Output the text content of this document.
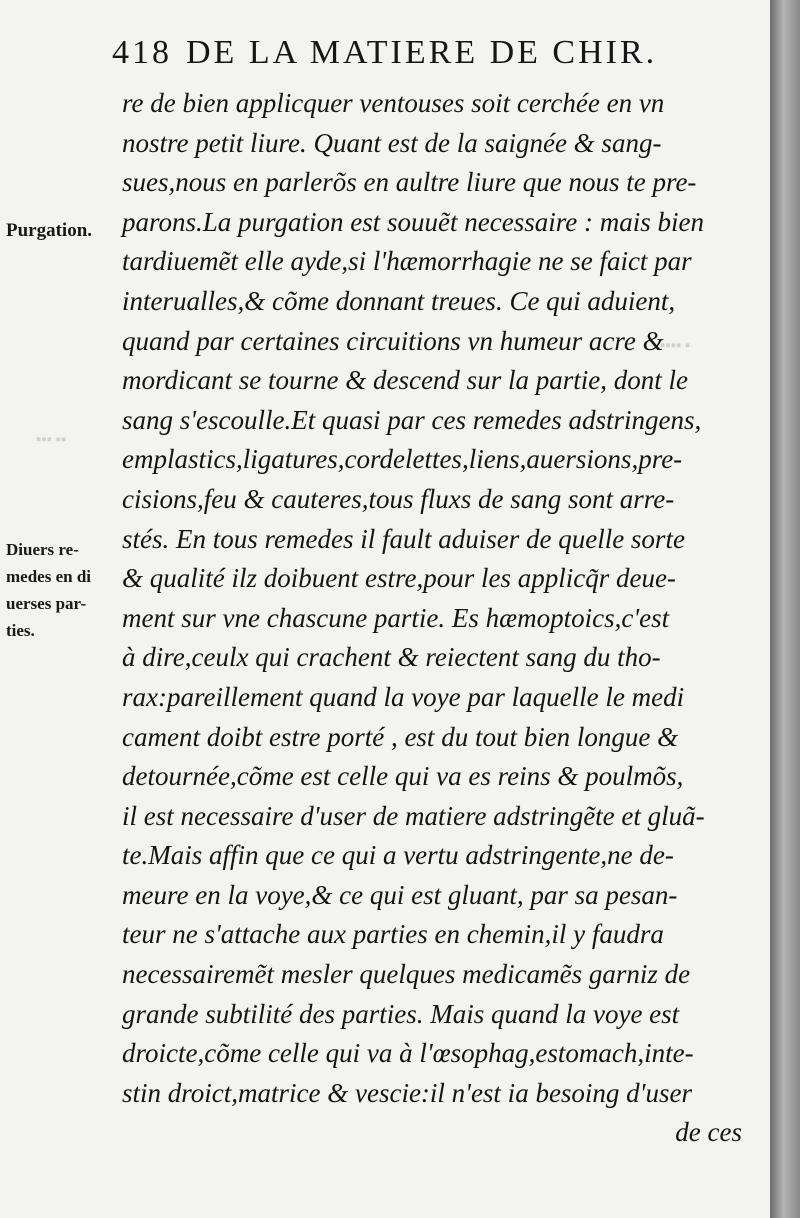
418 DE LA MATIERE DE CHIR.
▪▪▪ ▪▪
▪▪▪▪ ▪
Purgation.
Diuers re-
medes en di
uerses par-
ties.
re de bien applicquer ventouses soit cerchée en vn
nostre petit liure. Quant est de la saignée & sang-
sues,nous en parlerõs en aultre liure que nous te pre-
parons.La purgation est souuẽt necessaire : mais bien
tardiuemẽt elle ayde,si l'hæmorrhagie ne se faict par
interualles,& cõme donnant treues. Ce qui aduient,
quand par certaines circuitions vn humeur acre &
mordicant se tourne & descend sur la partie, dont le
sang s'escoulle.Et quasi par ces remedes adstringens,
emplastics,ligatures,cordelettes,liens,auersions,pre-
cisions,feu & cauteres,tous fluxs de sang sont arre-
stés. En tous remedes il fault aduiser de quelle sorte
& qualité ilz doibuent estre,pour les applicq̃r deue-
ment sur vne chascune partie. Es hæmoptoics,c'est
à dire,ceulx qui crachent & reiectent sang du tho-
rax:pareillement quand la voye par laquelle le medi
cament doibt estre porté , est du tout bien longue &
detournée,cõme est celle qui va es reins & poulmõs,
il est necessaire d'user de matiere adstringẽte et gluã-
te.Mais affin que ce qui a vertu adstringente,ne de-
meure en la voye,& ce qui est gluant, par sa pesan-
teur ne s'attache aux parties en chemin,il y faudra
necessairemẽt mesler quelques medicamẽs garniz de
grande subtilité des parties. Mais quand la voye est
droicte,cõme celle qui va à l'œsophag,estomach,inte-
stin droict,matrice & vescie:il n'est ia besoing d'user
de ces
